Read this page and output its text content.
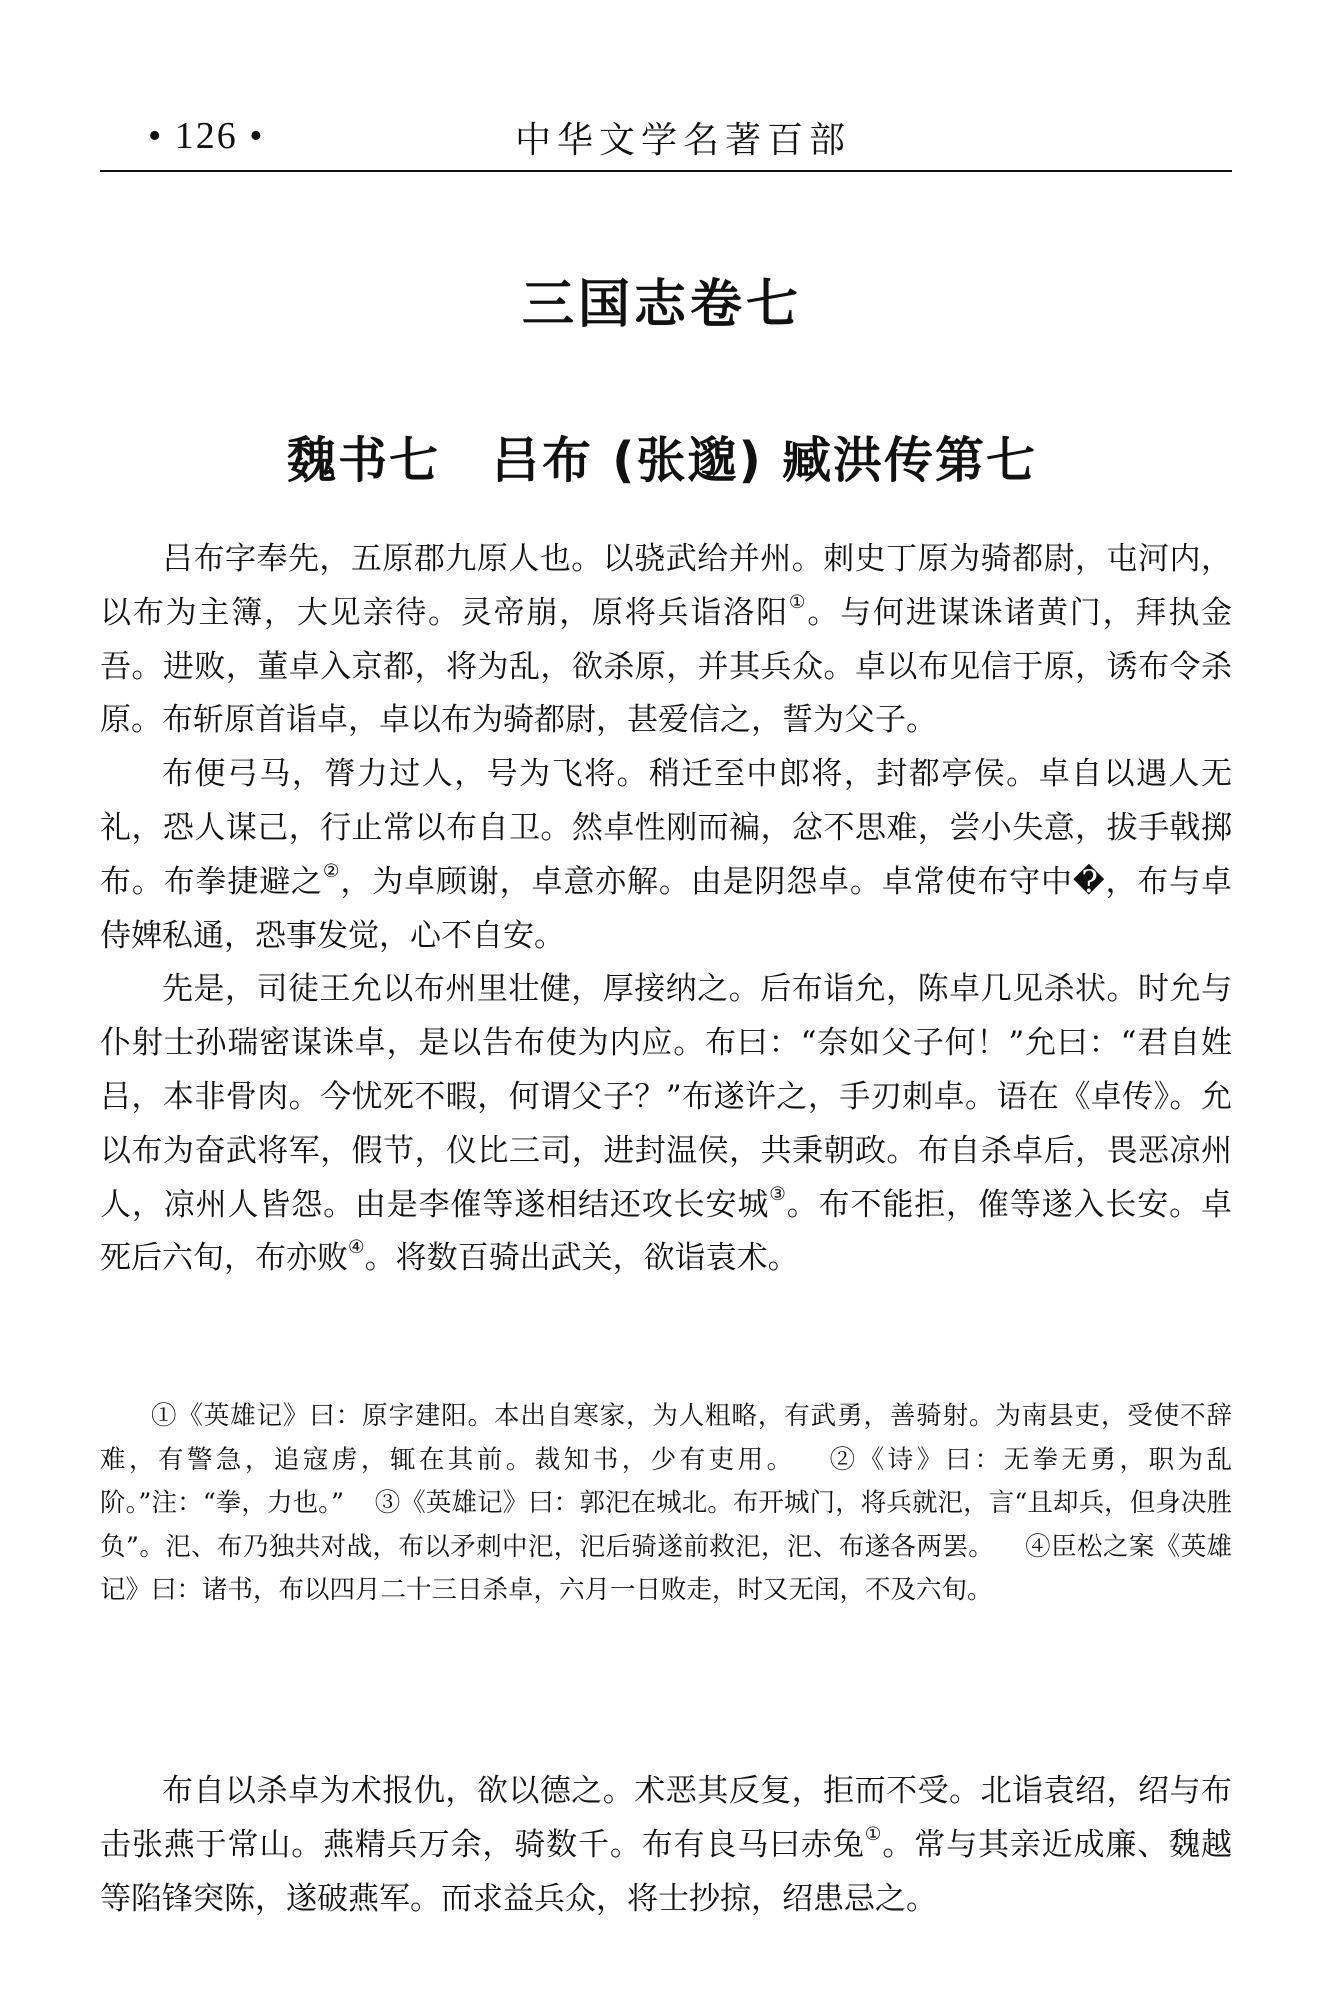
• 126 •	中华文学名著百部
三国志卷七
魏书七　吕布 (张邈) 臧洪传第七

吕布字奉先，五原郡九原人也。以骁武给并州。刺史丁原为骑都尉，屯河内，以布为主簿，大见亲待。灵帝崩，原将兵诣洛阳①。与何进谋诛诸黄门，拜执金吾。进败，董卓入京都，将为乱，欲杀原，并其兵众。卓以布见信于原，诱布令杀原。布斩原首诣卓，卓以布为骑都尉，甚爱信之，誓为父子。

布便弓马，膂力过人，号为飞将。稍迁至中郎将，封都亭侯。卓自以遇人无礼，恐人谋己，行止常以布自卫。然卓性刚而褊，忿不思难，尝小失意，拔手戟掷布。布拳捷避之②，为卓顾谢，卓意亦解。由是阴怨卓。卓常使布守中�，布与卓侍婢私通，恐事发觉，心不自安。

先是，司徒王允以布州里壮健，厚接纳之。后布诣允，陈卓几见杀状。时允与仆射士孙瑞密谋诛卓，是以告布使为内应。布曰：“奈如父子何！”允曰：“君自姓吕，本非骨肉。今忧死不暇，何谓父子？”布遂许之，手刃刺卓。语在《卓传》。允以布为奋武将军，假节，仪比三司，进封温侯，共秉朝政。布自杀卓后，畏恶凉州人，凉州人皆怨。由是李傕等遂相结还攻长安城③。布不能拒，傕等遂入长安。卓死后六旬，布亦败④。将数百骑出武关，欲诣袁术。

①《英雄记》曰：原字建阳。本出自寒家，为人粗略，有武勇，善骑射。为南县吏，受使不辞难，有警急，追寇虏，辄在其前。裁知书，少有吏用。 ②《诗》曰：无拳无勇，职为乱阶。”注：“拳，力也。” ③《英雄记》曰：郭汜在城北。布开城门，将兵就汜，言“且却兵，但身决胜负”。汜、布乃独共对战，布以矛刺中汜，汜后骑遂前救汜，汜、布遂各两罢。 ④臣松之案《英雄记》曰：诸书，布以四月二十三日杀卓，六月一日败走，时又无闰，不及六旬。

布自以杀卓为术报仇，欲以德之。术恶其反复，拒而不受。北诣袁绍，绍与布击张燕于常山。燕精兵万余，骑数千。布有良马曰赤兔①。常与其亲近成廉、魏越等陷锋突陈，遂破燕军。而求益兵众，将士抄掠，绍患忌之。
